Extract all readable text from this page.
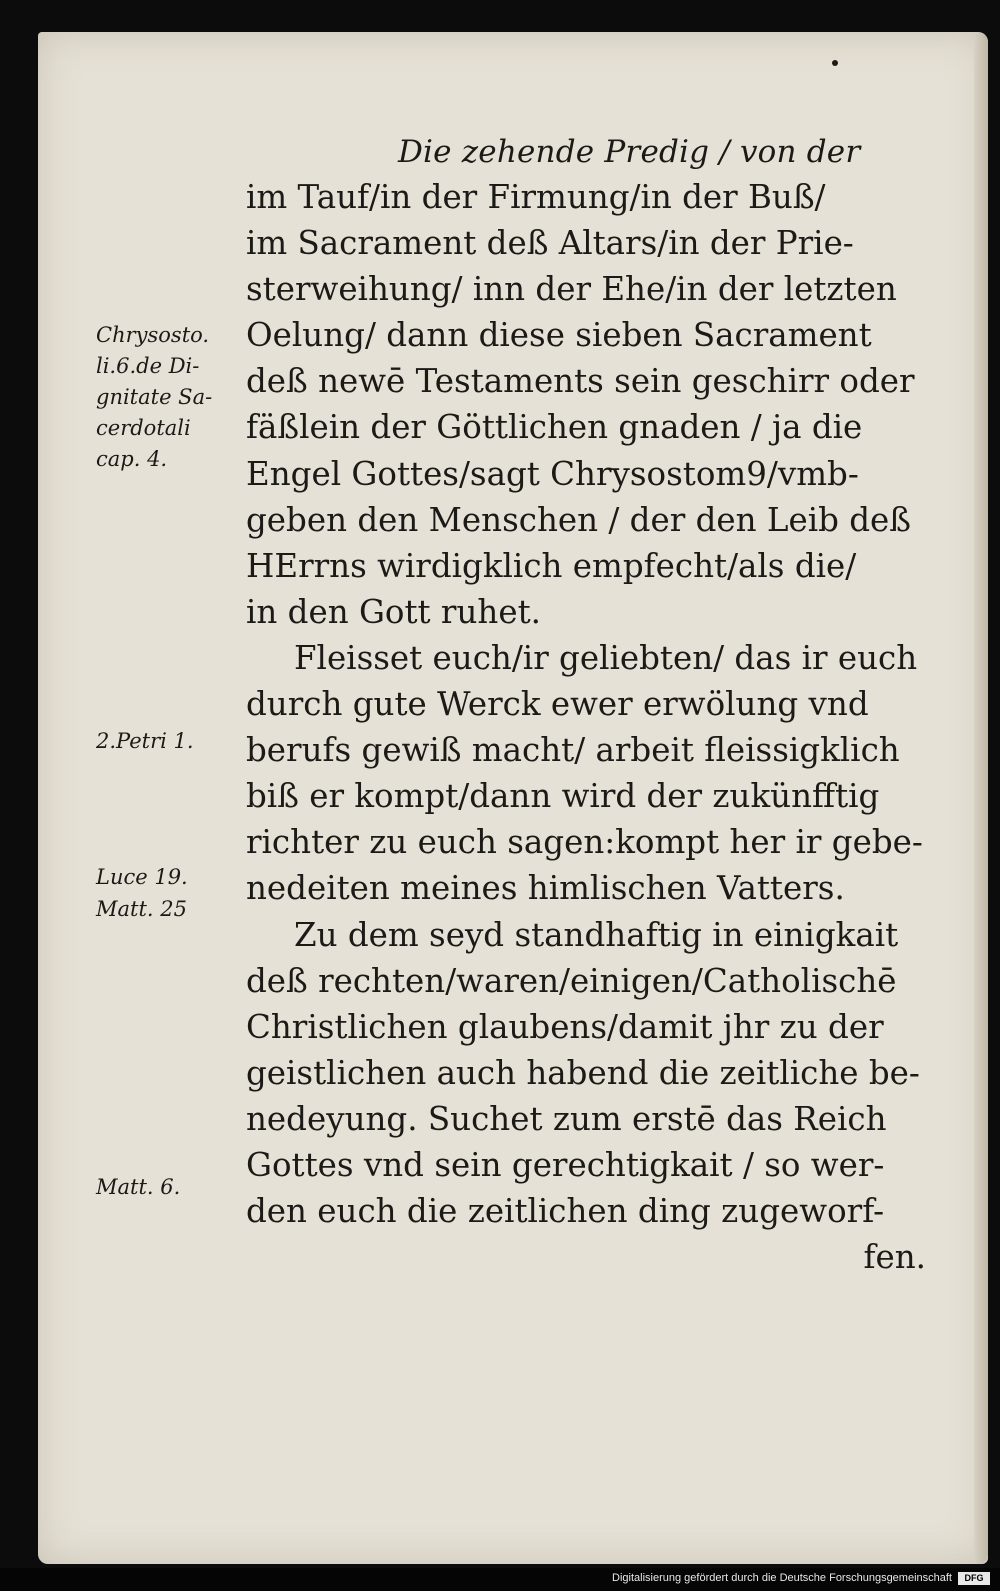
Die zehende Predig / von der
im Tauf/in der Firmung/in der Buß/
im Sacrament deß Altars/in der Prie-
sterweihung/ inn der Ehe/in der letzten
Oelung/ dann diese sieben Sacrament
deß newē Testaments sein geschirr oder
fäßlein der Göttlichen gnaden / ja die
Engel Gottes/sagt Chrysostom9/vmb-
geben den Menschen / der den Leib deß
HErrns wirdigklich empfecht/als die/
in den Gott ruhet.
Fleisset euch/ir geliebten/ das ir euch
durch gute Werck ewer erwölung vnd
berufs gewiß macht/ arbeit fleissigklich
biß er kompt/dann wird der zukünfftig
richter zu euch sagen:kompt her ir gebe-
nedeiten meines himlischen Vatters.
Zu dem seyd standhaftig in einigkait
deß rechten/waren/einigen/Catholischē
Christlichen glaubens/damit jhr zu der
geistlichen auch habend die zeitliche be-
nedeyung. Suchet zum erstē das Reich
Gottes vnd sein gerechtigkait / so wer-
den euch die zeitlichen ding zugeworf-
fen.
Chrysosto.
li.6.de Di-
gnitate Sa-
cerdotali
cap. 4.
2.Petri 1.
Luce 19.
Matt. 25
Matt. 6.
Digitalisierung gefördert durch die Deutsche Forschungsgemeinschaft	DFG
